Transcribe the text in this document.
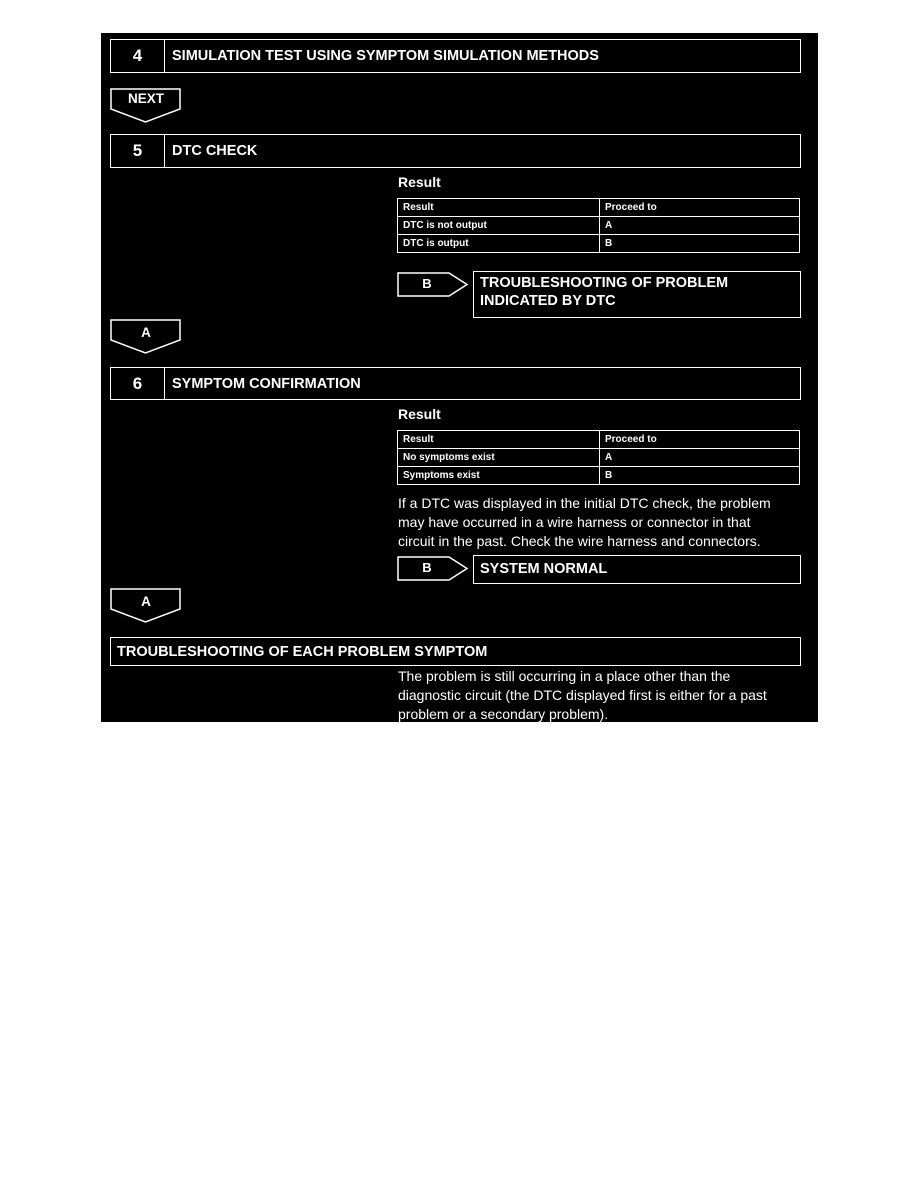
4	SIMULATION TEST USING SYMPTOM SIMULATION METHODS
NEXT
5	DTC CHECK
Result
Result	Proceed to
DTC is not output	A
DTC is output	B
B	TROUBLESHOOTING OF PROBLEM
INDICATED BY DTC
A
6	SYMPTOM CONFIRMATION
Result
Result	Proceed to
No symptoms exist	A
Symptoms exist	B
If a DTC was displayed in the initial DTC check, the problem
may have occurred in a wire harness or connector in that
circuit in the past. Check the wire harness and connectors.
B	SYSTEM NORMAL
A
TROUBLESHOOTING OF EACH PROBLEM SYMPTOM
The problem is still occurring in a place other than the
diagnostic circuit (the DTC displayed first is either for a past
problem or a secondary problem).
